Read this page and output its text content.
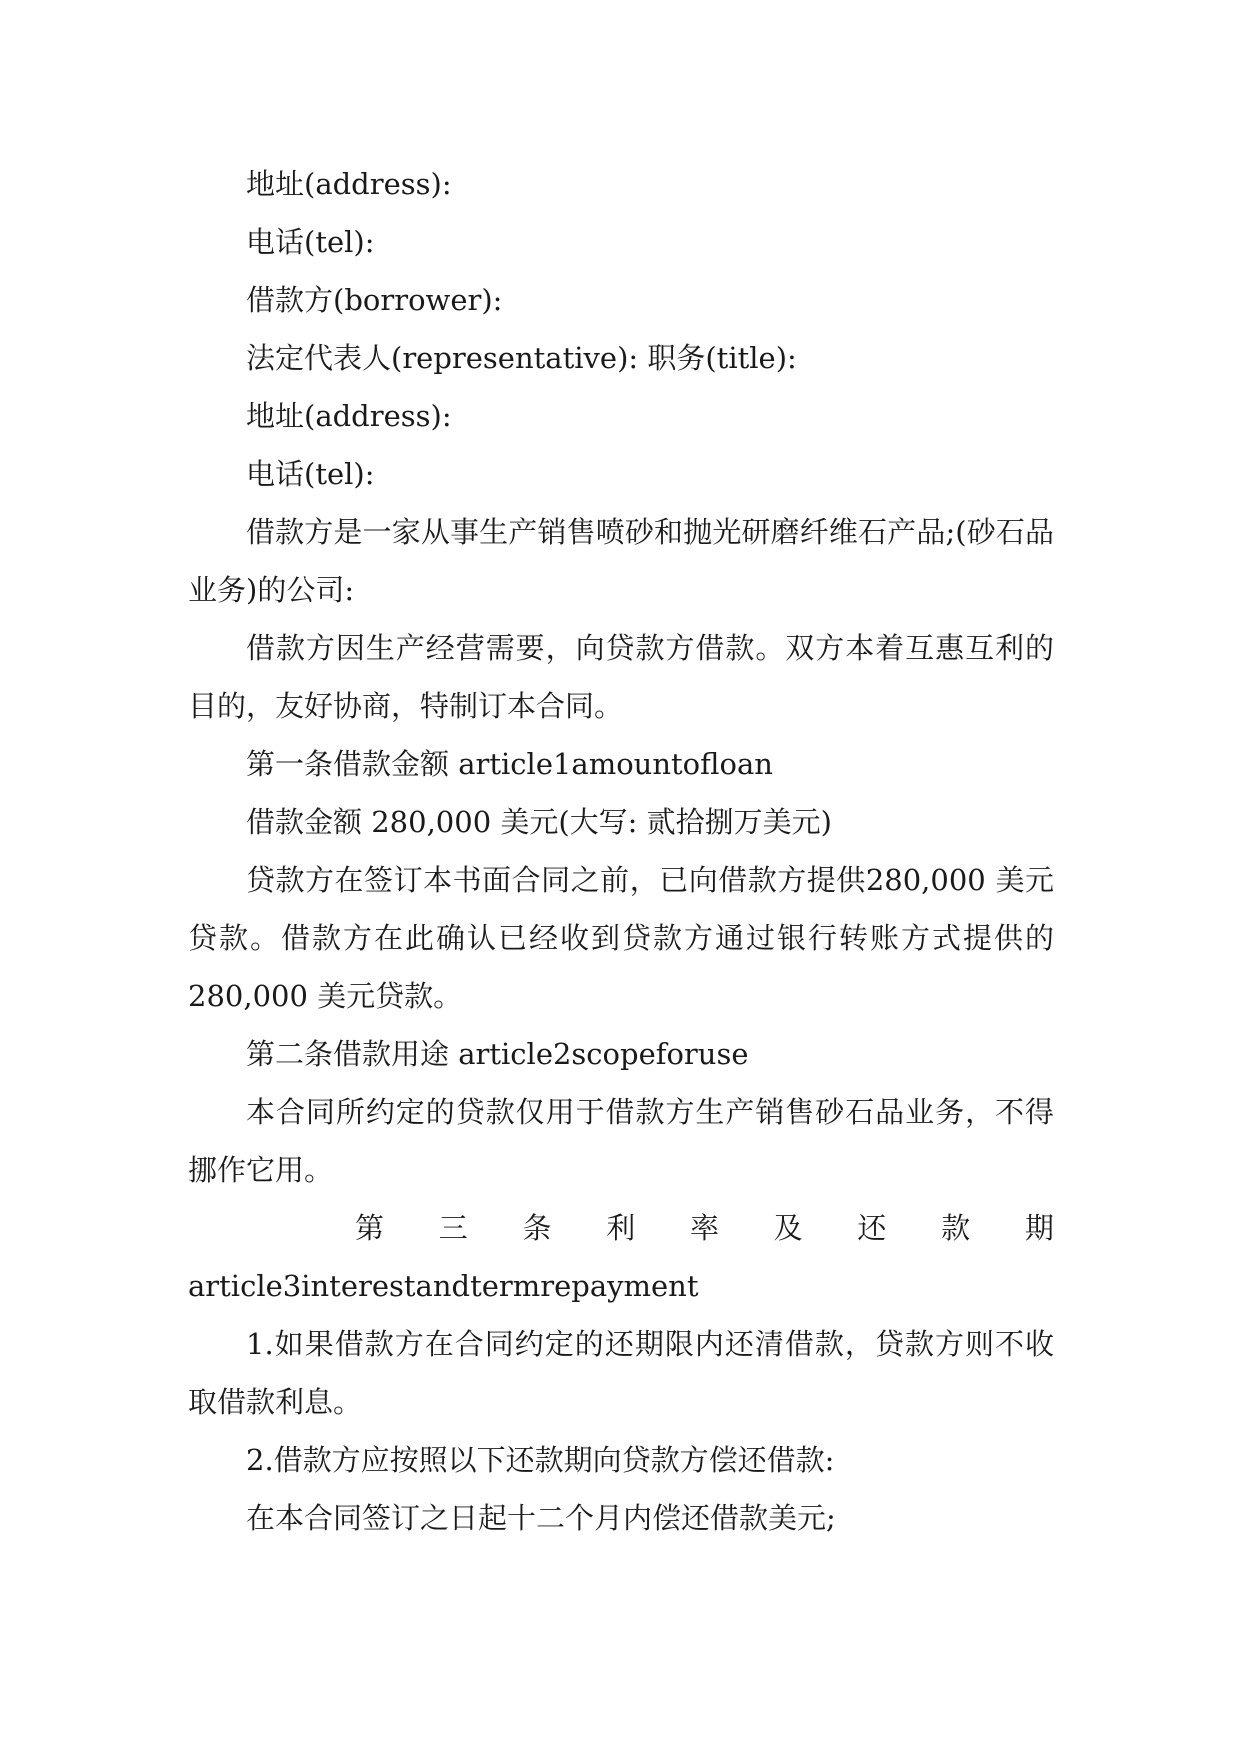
地址(address):

电话(tel):

借款方(borrower):

法定代表人(representative): 职务(title):

地址(address):

电话(tel):

借款方是一家从事生产销售喷砂和抛光研磨纤维石产品;(砂石品业务)的公司:

借款方因生产经营需要，向贷款方借款。双方本着互惠互利的目的，友好协商，特制订本合同。

第一条借款金额 article1amountofloan

借款金额 280,000 美元(大写: 贰拾捌万美元)

贷款方在签订本书面合同之前，已向借款方提供280,000 美元贷款。借款方在此确认已经收到贷款方通过银行转账方式提供的 280,000 美元贷款。

第二条借款用途 article2scopeforuse

本合同所约定的贷款仅用于借款方生产销售砂石品业务，不得挪作它用。

第 三 条 利 率 及 还 款 期

article3interestandtermrepayment

1.如果借款方在合同约定的还期限内还清借款，贷款方则不收取借款利息。

2.借款方应按照以下还款期向贷款方偿还借款:

在本合同签订之日起十二个月内偿还借款美元;
